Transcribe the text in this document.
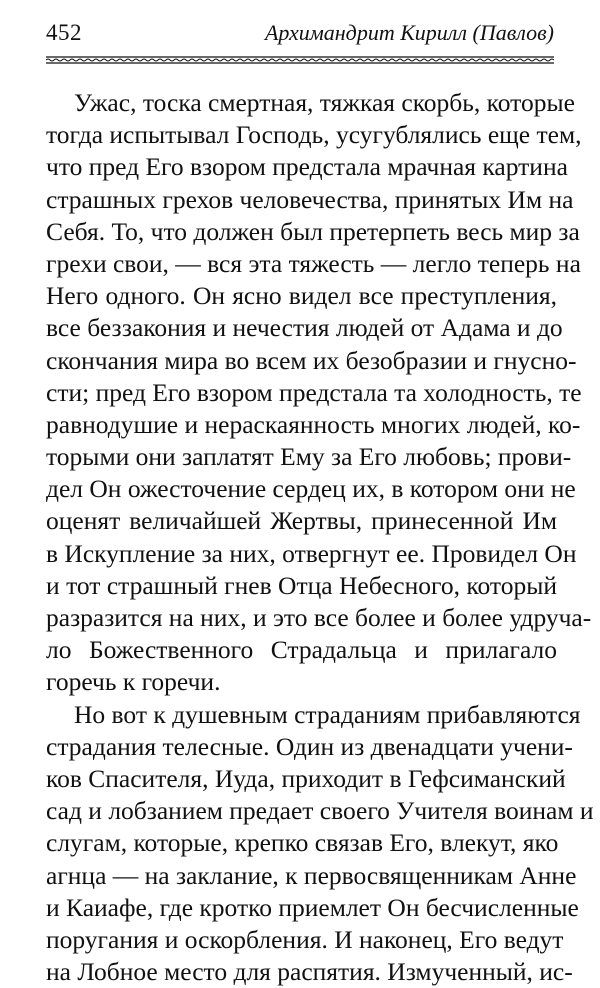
452	Архимандрит Кирилл (Павлов)
Ужас, тоска смертная, тяжкая скорбь, которые
тогда испытывал Господь, усугублялись еще тем,
что пред Его взором предстала мрачная картина
страшных грехов человечества, принятых Им на
Себя. То, что должен был претерпеть весь мир за
грехи свои, — вся эта тяжесть — легло теперь на
Него одного. Он ясно видел все преступления,
все беззакония и нечестия людей от Адама и до
скончания мира во всем их безобразии и гнусно-
сти; пред Его взором предстала та холодность, те
равнодушие и нераскаянность многих людей, ко-
торыми они заплатят Ему за Его любовь; прови-
дел Он ожесточение сердец их, в котором они не
оценят величайшей Жертвы, принесенной Им
в Искупление за них, отвергнут ее. Провидел Он
и тот страшный гнев Отца Небесного, который
разразится на них, и это все более и более удруча-
ло Божественного Страдальца и прилагало
горечь к горечи.
Но вот к душевным страданиям прибавляются
страдания телесные. Один из двенадцати учени-
ков Спасителя, Иуда, приходит в Гефсиманский
сад и лобзанием предает своего Учителя воинам и
слугам, которые, крепко связав Его, влекут, яко
агнца — на заклание, к первосвященникам Анне
и Каиафе, где кротко приемлет Он бесчисленные
поругания и оскорбления. И наконец, Его ведут
на Лобное место для распятия. Измученный, ис-
